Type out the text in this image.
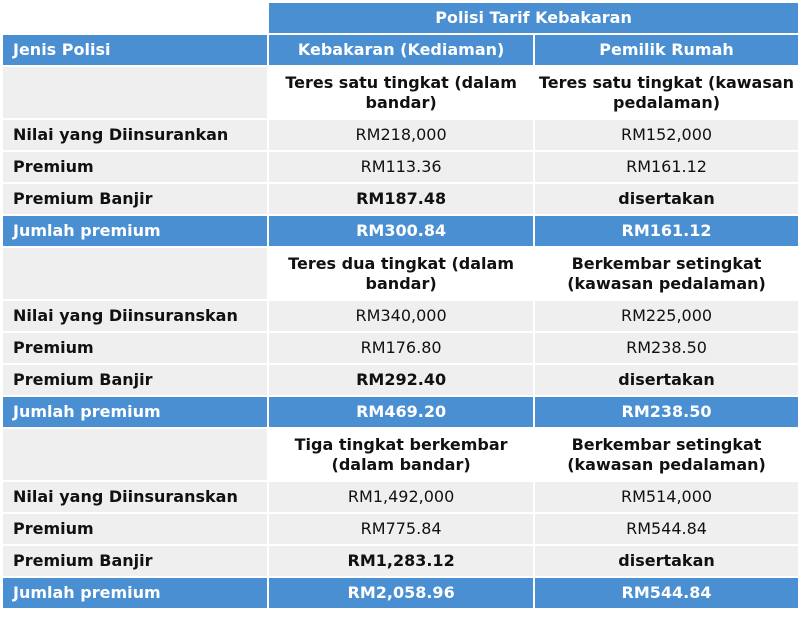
	Polisi Tarif Kebakaran	
Jenis Polisi	Kebakaran (Kediaman)	Pemilik Rumah
	Teres satu tingkat (dalam bandar)	Teres satu tingkat (kawasan pedalaman)
Nilai yang Diinsurankan	RM218,000	RM152,000
Premium	RM113.36	RM161.12
Premium Banjir	RM187.48	disertakan
Jumlah premium	RM300.84	RM161.12
	Teres dua tingkat (dalam bandar)	Berkembar setingkat (kawasan pedalaman)
Nilai yang Diinsuranskan	RM340,000	RM225,000
Premium	RM176.80	RM238.50
Premium Banjir	RM292.40	disertakan
Jumlah premium	RM469.20	RM238.50
	Tiga tingkat berkembar (dalam bandar)	Berkembar setingkat (kawasan pedalaman)
Nilai yang Diinsuranskan	RM1,492,000	RM514,000
Premium	RM775.84	RM544.84
Premium Banjir	RM1,283.12	disertakan
Jumlah premium	RM2,058.96	RM544.84
